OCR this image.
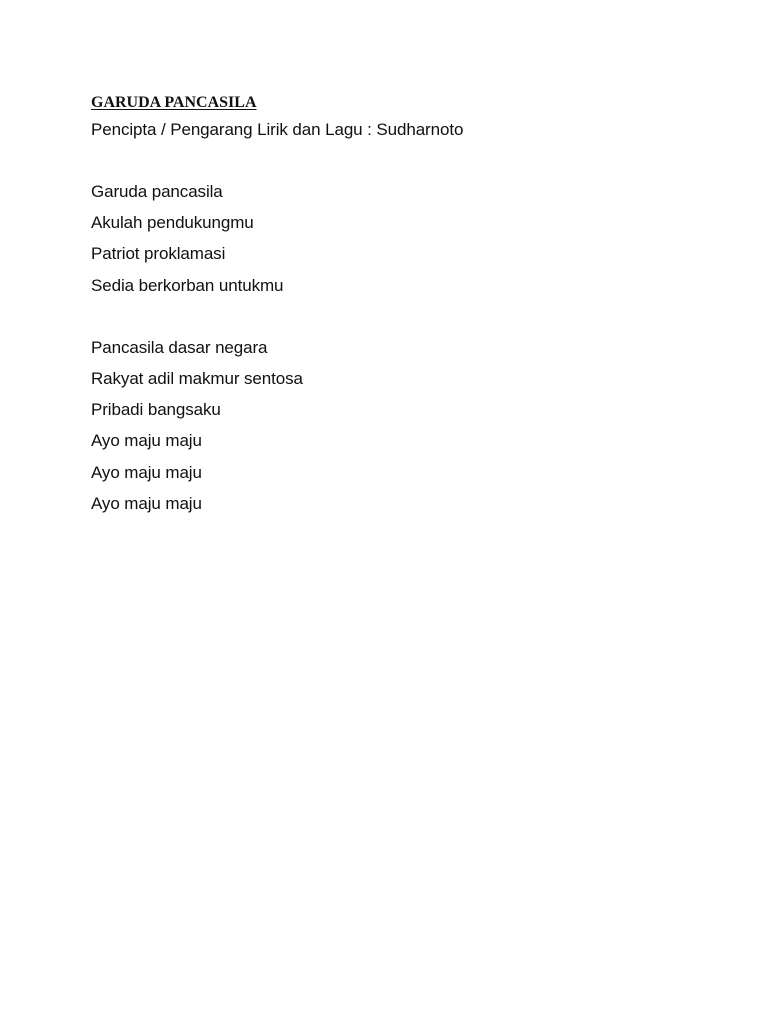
GARUDA PANCASILA

Pencipta / Pengarang Lirik dan Lagu : Sudharnoto

Garuda pancasila
Akulah pendukungmu
Patriot proklamasi
Sedia berkorban untukmu
Pancasila dasar negara
Rakyat adil makmur sentosa
Pribadi bangsaku
Ayo maju maju
Ayo maju maju
Ayo maju maju
